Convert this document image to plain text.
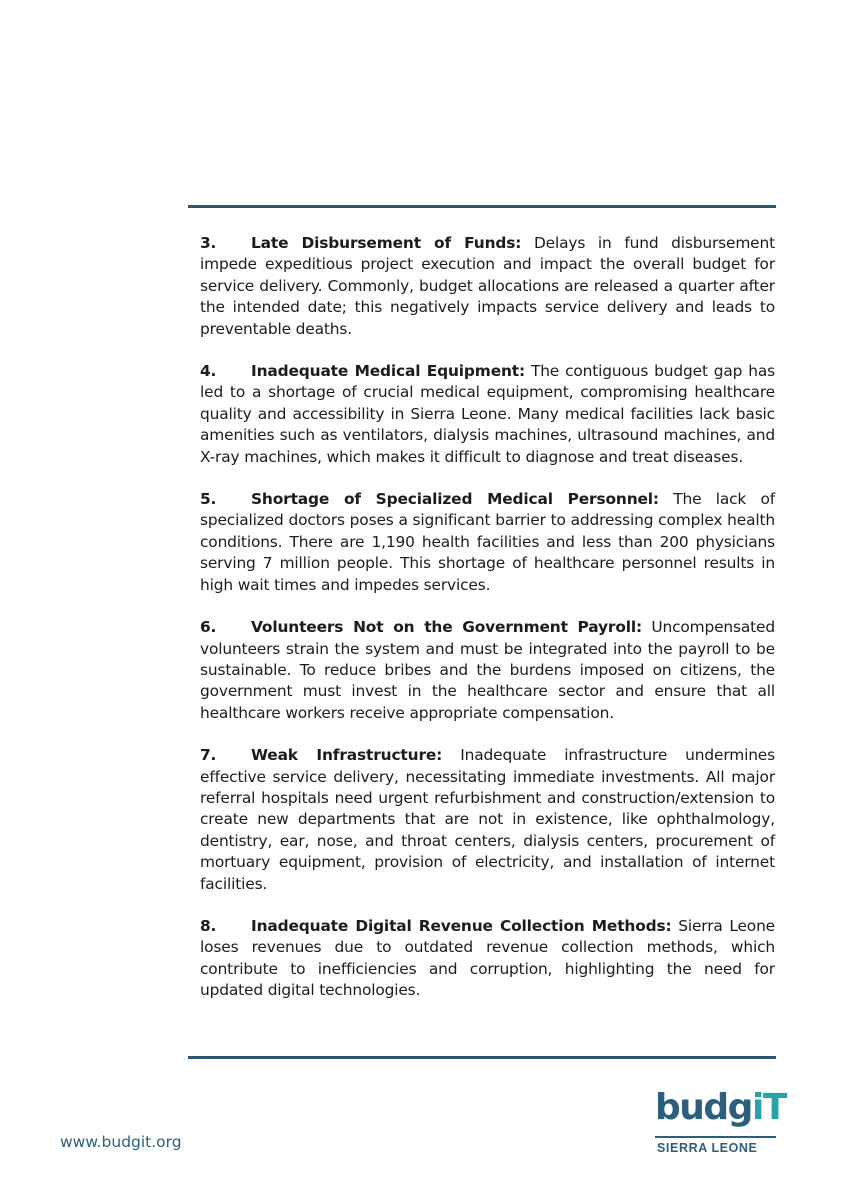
3. Late Disbursement of Funds: Delays in fund disbursement impede expeditious project execution and impact the overall budget for service delivery. Commonly, budget allocations are released a quarter after the intended date; this negatively impacts service delivery and leads to preventable deaths.

4. Inadequate Medical Equipment: The contiguous budget gap has led to a shortage of crucial medical equipment, compromising healthcare quality and accessibility in Sierra Leone. Many medical facilities lack basic amenities such as ventilators, dialysis machines, ultrasound machines, and X-ray machines, which makes it difficult to diagnose and treat diseases.

5. Shortage of Specialized Medical Personnel: The lack of specialized doctors poses a significant barrier to addressing complex health conditions. There are 1,190 health facilities and less than 200 physicians serving 7 million people. This shortage of healthcare personnel results in high wait times and impedes services.

6. Volunteers Not on the Government Payroll: Uncompensated volunteers strain the system and must be integrated into the payroll to be sustainable. To reduce bribes and the burdens imposed on citizens, the government must invest in the healthcare sector and ensure that all healthcare workers receive appropriate compensation.

7. Weak Infrastructure: Inadequate infrastructure undermines effective service delivery, necessitating immediate investments. All major referral hospitals need urgent refurbishment and construction/extension to create new departments that are not in existence, like ophthalmology, dentistry, ear, nose, and throat centers, dialysis centers, procurement of mortuary equipment, provision of electricity, and installation of internet facilities.

8. Inadequate Digital Revenue Collection Methods: Sierra Leone loses revenues due to outdated revenue collection methods, which contribute to inefficiencies and corruption, highlighting the need for updated digital technologies.

www.budgit.org
budgiT
SIERRA LEONE
